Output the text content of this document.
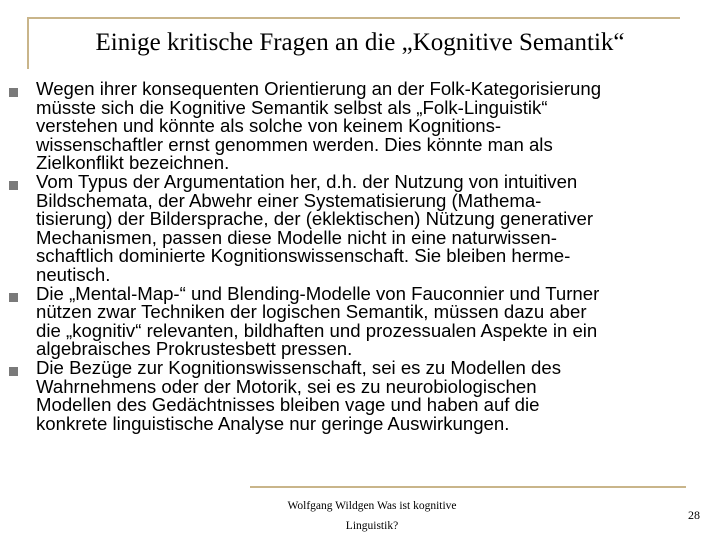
Einige kritische Fragen an die „Kognitive Semantik“
Wegen ihrer konsequenten Orientierung an der Folk-Kategorisierung
müsste sich die Kognitive Semantik selbst als „Folk-Linguistik“
verstehen und könnte als solche von keinem Kognitions-
wissenschaftler ernst genommen werden. Dies könnte man als
Zielkonflikt bezeichnen.
Vom Typus der Argumentation her, d.h. der Nutzung von intuitiven
Bildschemata, der Abwehr einer Systematisierung (Mathema-
tisierung) der Bildersprache, der (eklektischen) Nützung generativer
Mechanismen, passen diese Modelle nicht in eine naturwissen-
schaftlich dominierte Kognitionswissenschaft. Sie bleiben herme-
neutisch.
Die „Mental-Map-“ und Blending-Modelle von Fauconnier und Turner
nützen zwar Techniken der logischen Semantik, müssen dazu aber
die „kognitiv“ relevanten, bildhaften und prozessualen Aspekte in ein
algebraisches Prokrustesbett pressen.
Die Bezüge zur Kognitionswissenschaft, sei es zu Modellen des
Wahrnehmens oder der Motorik, sei es zu neurobiologischen
Modellen des Gedächtnisses bleiben vage und haben auf die
konkrete linguistische Analyse nur geringe Auswirkungen.
Wolfgang Wildgen Was ist kognitive
Linguistik?
28
